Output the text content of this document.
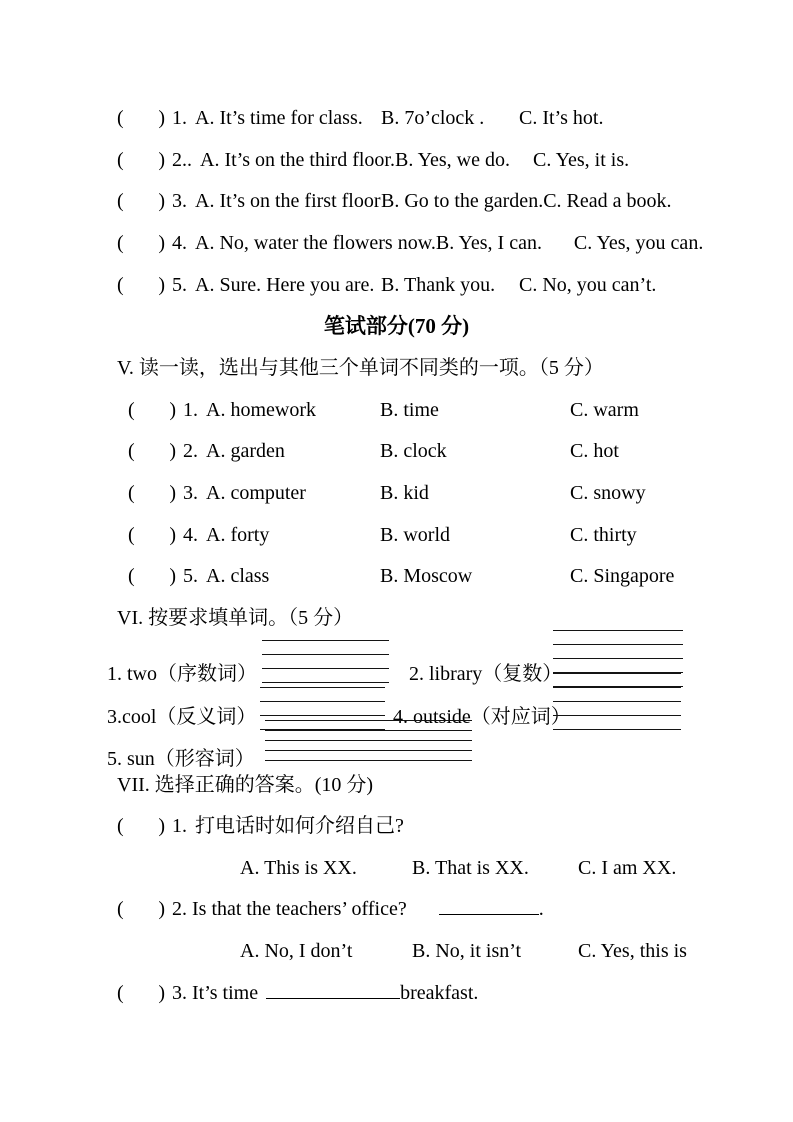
( ) 1. A. It’s time for class. B. 7o’clock .	C. It’s hot.
( ) 2.. A. It’s on the third floor. B. Yes, we do.	C. Yes, it is.
( ) 3. A. It’s on the first floor B. Go to the garden. C. Read a book.
( ) 4. A. No, water the flowers now. B. Yes, I can.	C. Yes, you can.
( ) 5. A. Sure. Here you are. B. Thank you.	C. No, you can’t.
笔试部分(70 分)
V. 读一读，选出与其他三个单词不同类的一项。（5 分）
( ) 1. A. homework	B. time	C. warm
( ) 2. A. garden	B. clock	C. hot
( ) 3. A. computer	B. kid	C. snowy
( ) 4. A. forty	B. world	C. thirty
( ) 5. A. class	B. Moscow	C. Singapore
VI. 按要求填单词。（5 分）
1. two（序数词）	2. library（复数）
3.cool（反义词）	4. outside（对应词）
5. sun（形容词）
VII. 选择正确的答案。(10 分)
( ) 1. 打电话时如何介绍自己?
A. This is XX.	B. That is XX.	C. I am XX.
( ) 2. Is that the teachers’ office?	.
A. No, I don’t	B. No, it isn’t	C. Yes, this is
( ) 3. It’s time	breakfast.
